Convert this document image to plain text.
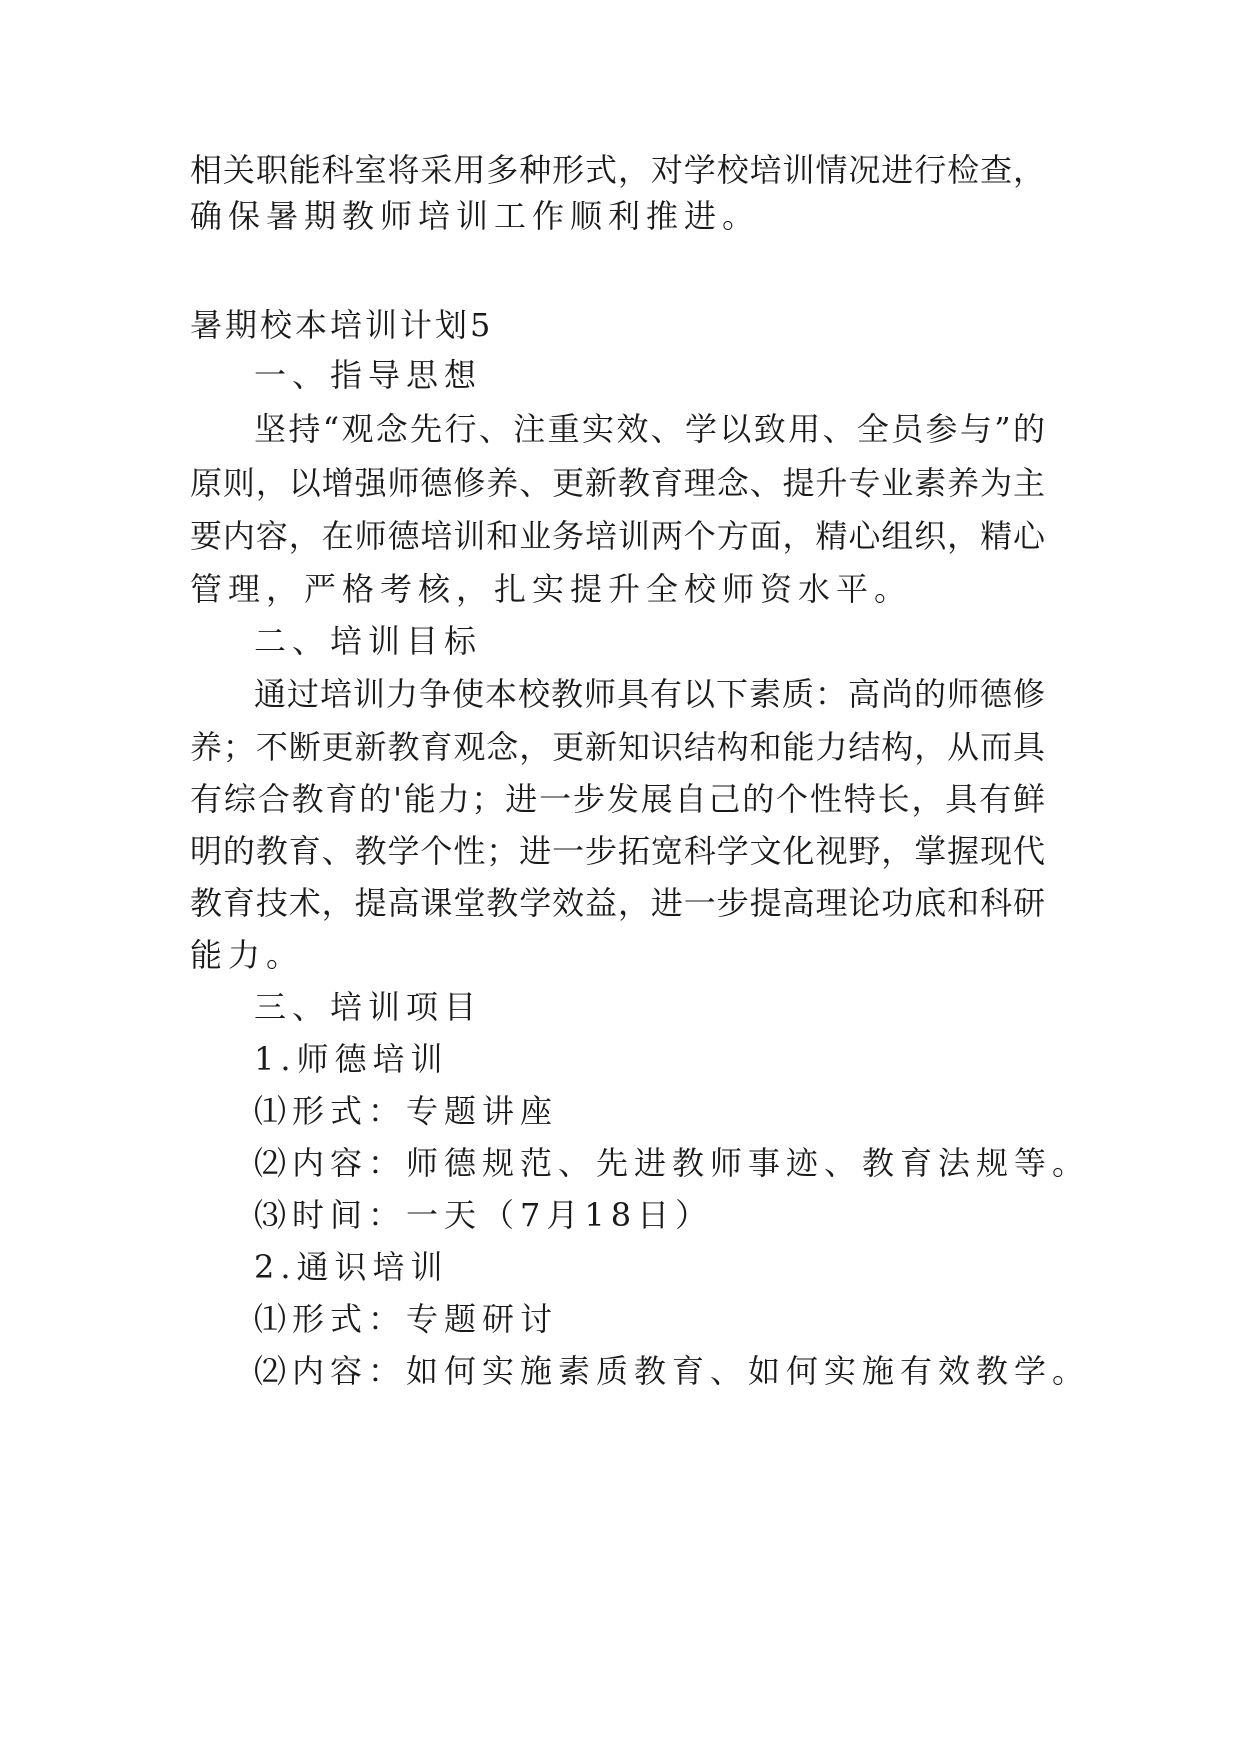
相关职能科室将采用多种形式，对学校培训情况进行检查，
确保暑期教师培训工作顺利推进。
暑期校本培训计划5
一、指导思想
坚持“观念先行、注重实效、学以致用、全员参与”的
原则，以增强师德修养、更新教育理念、提升专业素养为主
要内容，在师德培训和业务培训两个方面，精心组织，精心
管理，严格考核，扎实提升全校师资水平。
二、培训目标
通过培训力争使本校教师具有以下素质：高尚的师德修
养；不断更新教育观念，更新知识结构和能力结构，从而具
有综合教育的'能力；进一步发展自己的个性特长，具有鲜
明的教育、教学个性；进一步拓宽科学文化视野，掌握现代
教育技术，提高课堂教学效益，进一步提高理论功底和科研
能力。
三、培训项目
1.师德培训
⑴形式：专题讲座
⑵内容：师德规范、先进教师事迹、教育法规等。
⑶时间：一天（7月18日）
2.通识培训
⑴形式：专题研讨
⑵内容：如何实施素质教育、如何实施有效教学。
